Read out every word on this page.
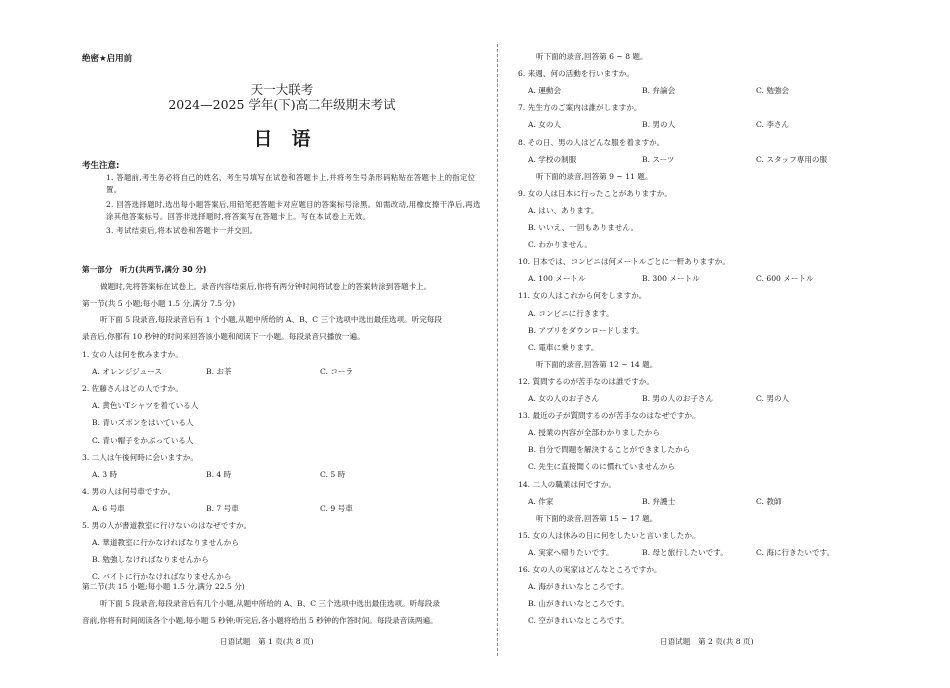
绝密★启用前
天一大联考
2024—2025 学年(下)高二年级期末考试
日　语
考生注意:
1. 答题前,考生务必将自己的姓名、考生号填写在试卷和答题卡上,并将考生号条形码粘贴在答题卡上的指定位置。
2. 回答选择题时,选出每小题答案后,用铅笔把答题卡对应题目的答案标号涂黑。如需改动,用橡皮擦干净后,再选涂其他答案标号。回答非选择题时,将答案写在答题卡上。写在本试卷上无效。
3. 考试结束后,将本试卷和答题卡一并交回。
第一部分　听力(共两节,满分 30 分)
做题时,先将答案标在试卷上。录音内容结束后,你将有两分钟时间将试卷上的答案转涂到答题卡上。
第一节(共 5 小题;每小题 1.5 分,满分 7.5 分)
听下面 5 段录音,每段录音后有 1 个小题,从题中所给的 A、B、C 三个选项中选出最佳选项。听完每段
录音后,你都有 10 秒钟的时间来回答该小题和阅读下一小题。每段录音只播放一遍。
1. 女の人は何を飲みますか。
A. オレンジジュース	B. お茶	C. コーラ
2. 佐藤さんはどの人ですか。
A. 黄色いTシャツを着ている人
B. 青いズボンをはいている人
C. 青い帽子をかぶっている人
3. 二人は午後何時に会いますか。
A. 3 時	B. 4 時	C. 5 時
4. 男の人は何号車ですか。
A. 6 号車	B. 7 号車	C. 9 号車
5. 男の人が書道教室に行けないのはなぜですか。
A. 華道教室に行かなければなりませんから
B. 勉強しなければなりませんから
C. バイトに行かなければなりませんから
第二节(共 15 小题;每小题 1.5 分,满分 22.5 分)
听下面 5 段录音,每段录音后有几个小题,从题中所给的 A、B、C 三个选项中选出最佳选项。听每段录
音前,你将有时间阅读各个小题,每小题 5 秒钟;听完后,各小题将给出 5 秒钟的作答时间。每段录音读两遍。
日语试题　第 1 页(共 8 页)
听下面的录音,回答第 6 ~ 8 题。
6. 来週、何の活動を行いますか。
A. 運動会	B. 弁論会	C. 勉強会
7. 先生方のご案内は誰がしますか。
A. 女の人	B. 男の人	C. 李さん
8. その日、男の人はどんな服を着ますか。
A. 学校の制服	B. スーツ	C. スタッフ専用の服
听下面的录音,回答第 9 ~ 11 题。
9. 女の人は日本に行ったことがありますか。
A. はい、あります。
B. いいえ、一回もありません。
C. わかりません。
10. 日本では、コンビニは何メートルごとに一軒ありますか。
A. 100 メートル	B. 300 メートル	C. 600 メートル
11. 女の人はこれから何をしますか。
A. コンビニに行きます。
B. アプリをダウンロードします。
C. 電車に乗ります。
听下面的录音,回答第 12 ~ 14 题。
12. 質問するのが苦手なのは誰ですか。
A. 女の人のお子さん	B. 男の人のお子さん	C. 男の人
13. 最近の子が質問するのが苦手なのはなぜですか。
A. 授業の内容が全部わかりましたから
B. 自分で問題を解決することができましたから
C. 先生に直接聞くのに慣れていませんから
14. 二人の職業は何ですか。
A. 作家	B. 弁護士	C. 教師
听下面的录音,回答第 15 ~ 17 题。
15. 女の人は休みの日に何をしたいと言いましたか。
A. 実家へ帰りたいです。	B. 母と旅行したいです。	C. 海に行きたいです。
16. 女の人の実家はどんなところですか。
A. 海がきれいなところです。
B. 山がきれいなところです。
C. 空がきれいなところです。
日语试题　第 2 页(共 8 页)
